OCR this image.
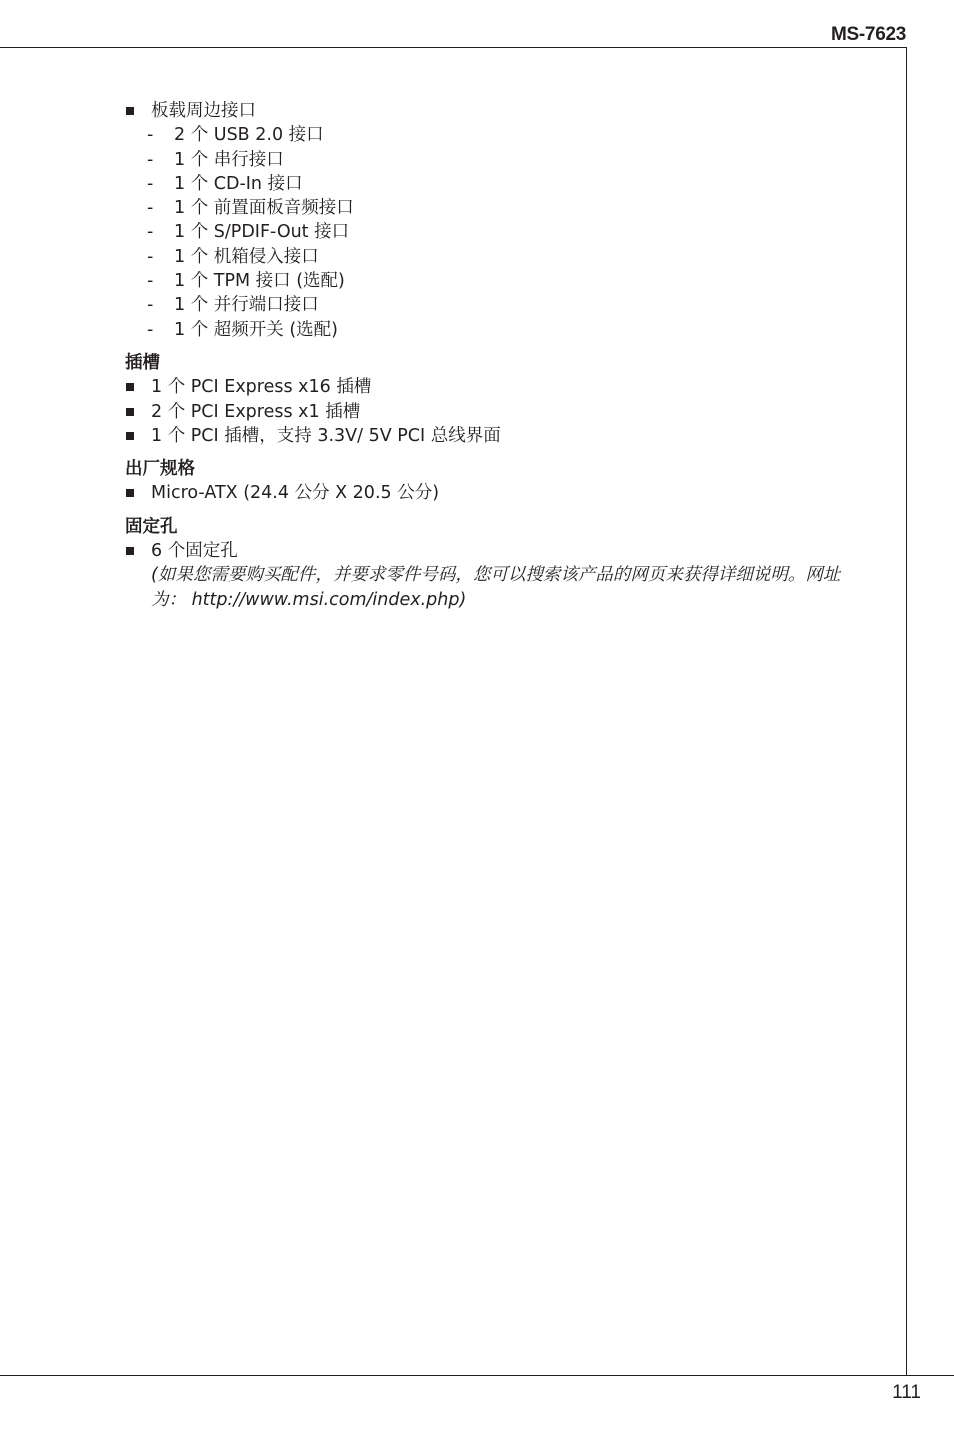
MS-7623
板载周边接口
- 2 个 USB 2.0 接口
- 1 个 串行接口
- 1 个 CD-In 接口
- 1 个 前置面板音频接口
- 1 个 S/PDIF-Out 接口
- 1 个 机箱侵入接口
- 1 个 TPM 接口 (选配)
- 1 个 并行端口接口
- 1 个 超频开关 (选配)
插槽
1 个 PCI Express x16 插槽
2 个 PCI Express x1 插槽
1 个 PCI 插槽，支持 3.3V/ 5V PCI 总线界面
出厂规格
Micro-ATX (24.4 公分 X 20.5 公分)
固定孔
6 个固定孔
(如果您需要购买配件，并要求零件号码，您可以搜索该产品的网页来获得详细说明。网址为： http://www.msi.com/index.php)
111
